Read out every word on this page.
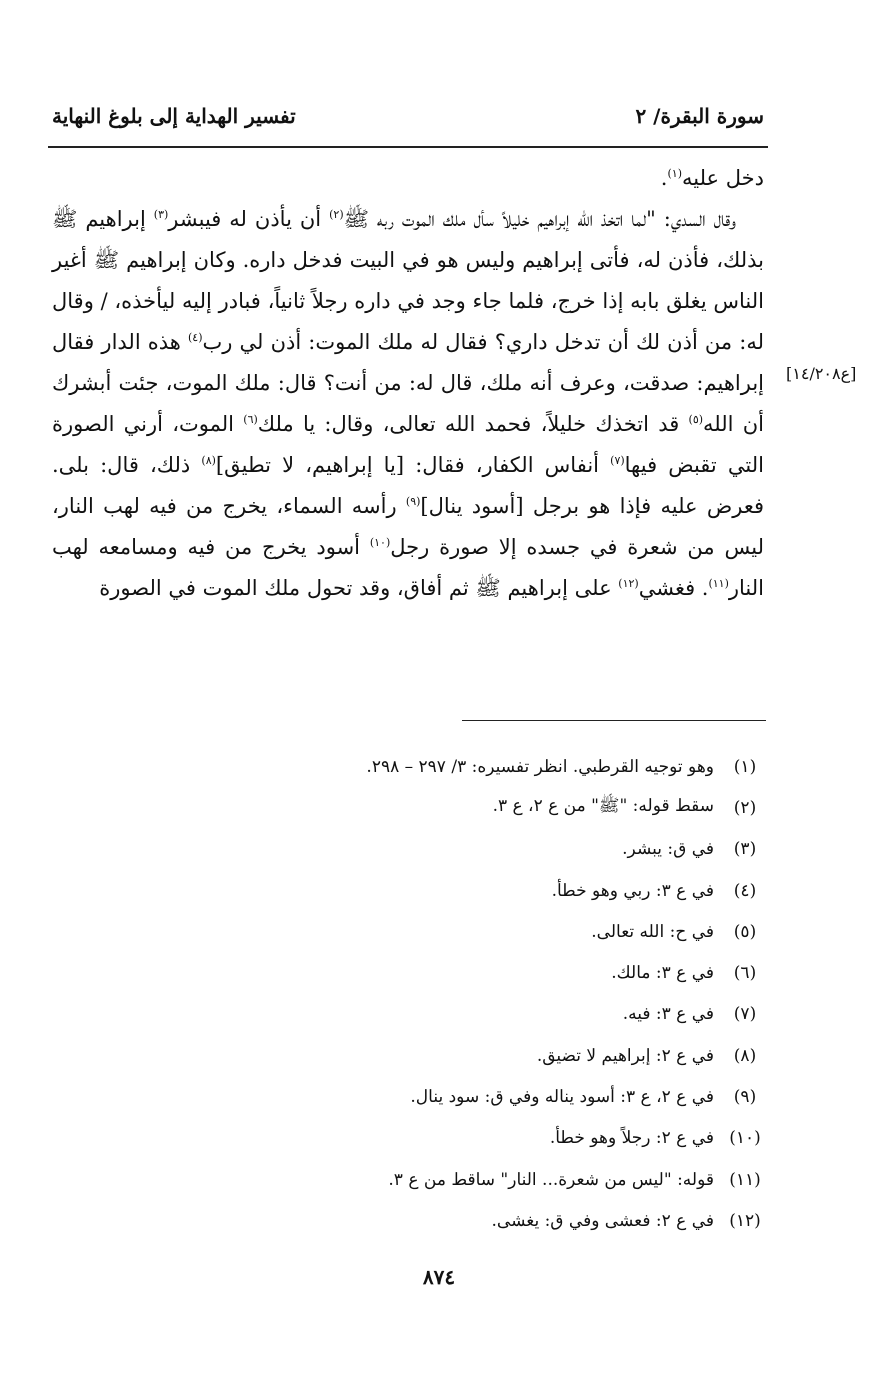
تفسير الهداية إلى بلوغ النهاية	سورة البقرة/ ٢
[ع١٤/٢٠٨]

دخل عليه$^{(١)}$.

وقال السدي: "لما اتخذ الله إبراهيم خليلاً سأل ملك الموت ربه ﷺ$^{(٢)}$ أن يأذن له فيبشر$^{(٣)}$ إبراهيم ﷺ بذلك، فأذن له، فأتى إبراهيم وليس هو في البيت فدخل داره. وكان إبراهيم ﷺ أغير الناس يغلق بابه إذا خرج، فلما جاء وجد في داره رجلاً ثانياً، فبادر إليه ليأخذه، / وقال له: من أذن لك أن تدخل داري؟ فقال له ملك الموت: أذن لي رب$^{(٤)}$ هذه الدار فقال إبراهيم: صدقت، وعرف أنه ملك، قال له: من أنت؟ قال: ملك الموت، جئت أبشرك أن الله$^{(٥)}$ قد اتخذك خليلاً، فحمد الله تعالى، وقال: يا ملك$^{(٦)}$ الموت، أرني الصورة التي تقبض فيها$^{(٧)}$ أنفاس الكفار، فقال: [يا إبراهيم، لا تطيق]$^{(٨)}$ ذلك، قال: بلى. فعرض عليه فإذا هو برجل [أسود ينال]$^{(٩)}$ رأسه السماء، يخرج من فيه لهب النار، ليس من شعرة في جسده إلا صورة رجل$^{(١٠)}$ أسود يخرج من فيه ومسامعه لهب النار$^{(١١)}$. فغشي$^{(١٢)}$ على إبراهيم ﷺ ثم أفاق، وقد تحول ملك الموت في الصورة

(١)
وهو توجيه القرطبي. انظر تفسيره: ٣/ ٢٩٧ – ٢٩٨.
(٢)
سقط قوله: "ﷺ" من ع ٢، ع ٣.
(٣)
في ق: يبشر.
(٤)
في ع ٣: ربي وهو خطأ.
(٥)
في ح: الله تعالى.
(٦)
في ع ٣: مالك.
(٧)
في ع ٣: فيه.
(٨)
في ع ٢: إبراهيم لا تضيق.
(٩)
في ع ٢، ع ٣: أسود يناله وفي ق: سود ينال.
(١٠)
في ع ٢: رجلاً وهو خطأ.
(١١)
قوله: "ليس من شعرة... النار" ساقط من ع ٣.
(١٢)
في ع ٢: فعشى وفي ق: يغشى.
٨٧٤
